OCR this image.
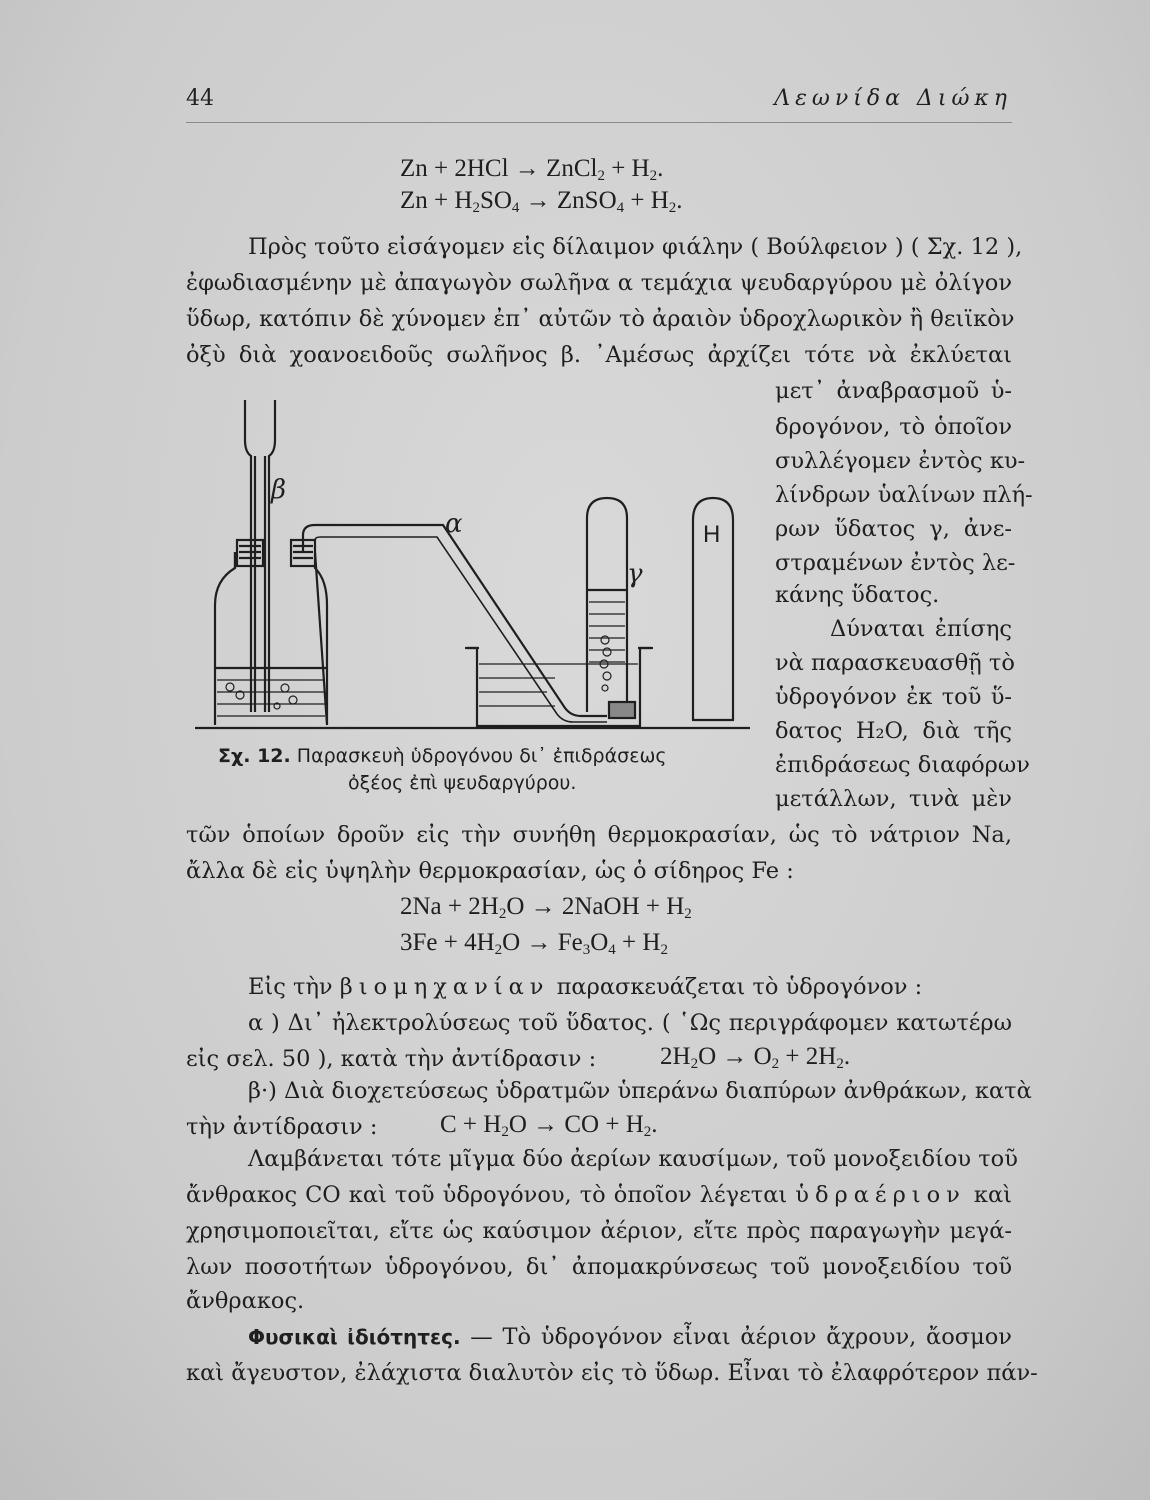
44	Λεωνίδα Διώκη
Zn + 2HCl → ZnCl$_2$ + $H_2$.
$Zn + H_2SO_4$ → ZnSO$_4$ + $H_2$.
Πρὸς τοῦτο εἰσάγομεν εἰς δίλαιμον φιάλην ( Βούλφειον ) ( Σχ. 12 ),
ἐφωδιασμένην μὲ ἀπαγωγὸν σωλῆνα α τεμάχια ψευδαργύρου μὲ ὀλίγον
ὕδωρ, κατόπιν δὲ χύνομεν ἐπ᾽ αὐτῶν τὸ ἀραιὸν ὑδροχλωρικὸν ἢ θειϊκὸν
ὀξὺ διὰ χοανοειδοῦς σωλῆνος β. ᾽Αμέσως ἀρχίζει τότε νὰ ἐκλύεται
μετ᾽ ἀναβρασμοῦ ὑ-
δρογόνον, τὸ ὁποῖον
συλλέγομεν ἐντὸς κυ-
λίνδρων ὑαλίνων πλή-
ρων ὕδατος γ, ἀνε-
στραμένων ἐντὸς λε-
κάνης ὕδατος.
Δύναται ἐπίσης
νὰ παρασκευασθῇ τὸ
ὑδρογόνον ἐκ τοῦ ὕ-
δατος H₂O, διὰ τῆς
ἐπιδράσεως διαφόρων
μετάλλων, τινὰ μὲν
β
α
γ
H
Σχ. 12. Παρασκευὴ ὑδρογόνου δι᾽ ἐπιδράσεως
ὀξέος ἐπὶ ψευδαργύρου.
τῶν ὁποίων δροῦν εἰς τὴν συνήθη θερμοκρασίαν, ὡς τὸ νάτριον Na,
ἄλλα δὲ εἰς ὑψηλὴν θερμοκρασίαν, ὡς ὁ σίδηρος Fe :
$2Na + 2H_2O$ → 2NaOH + $H_2$
$3Fe + 4H_2O \to Fe_3O_4 + H_2$
Εἰς τὴν βιομηχανίαν παρασκευάζεται τὸ ὑδρογόνον :
α ) Δι᾽ ἠλεκτρολύσεως τοῦ ὕδατος. ( ῾Ως περιγράφομεν κατωτέρω
εἰς σελ. 50 ), κατὰ τὴν ἀντίδρασιν :	$2H_2O \to O_2 + 2H_2$.
β·) Διὰ διοχετεύσεως ὑδρατμῶν ὑπεράνω διαπύρων ἀνθράκων, κατὰ
τὴν ἀντίδρασιν :	$C + H_2O$ → CO + $H_2$.
Λαμβάνεται τότε μῖγμα δύο ἀερίων καυσίμων, τοῦ μονοξειδίου τοῦ
ἄνθρακος CO καὶ τοῦ ὑδρογόνου, τὸ ὁποῖον λέγεται ὑδραέριον καὶ
χρησιμοποιεῖται, εἴτε ὡς καύσιμον ἀέριον, εἴτε πρὸς παραγωγὴν μεγά-
λων ποσοτήτων ὑδρογόνου, δι᾽ ἀπομακρύνσεως τοῦ μονοξειδίου τοῦ
ἄνθρακος.
Φυσικαὶ ἰδιότητες. — Τὸ ὑδρογόνον εἶναι ἀέριον ἄχρουν, ἄοσμον
καὶ ἄγευστον, ἐλάχιστα διαλυτὸν εἰς τὸ ὕδωρ. Εἶναι τὸ ἐλαφρότερον πάν-
